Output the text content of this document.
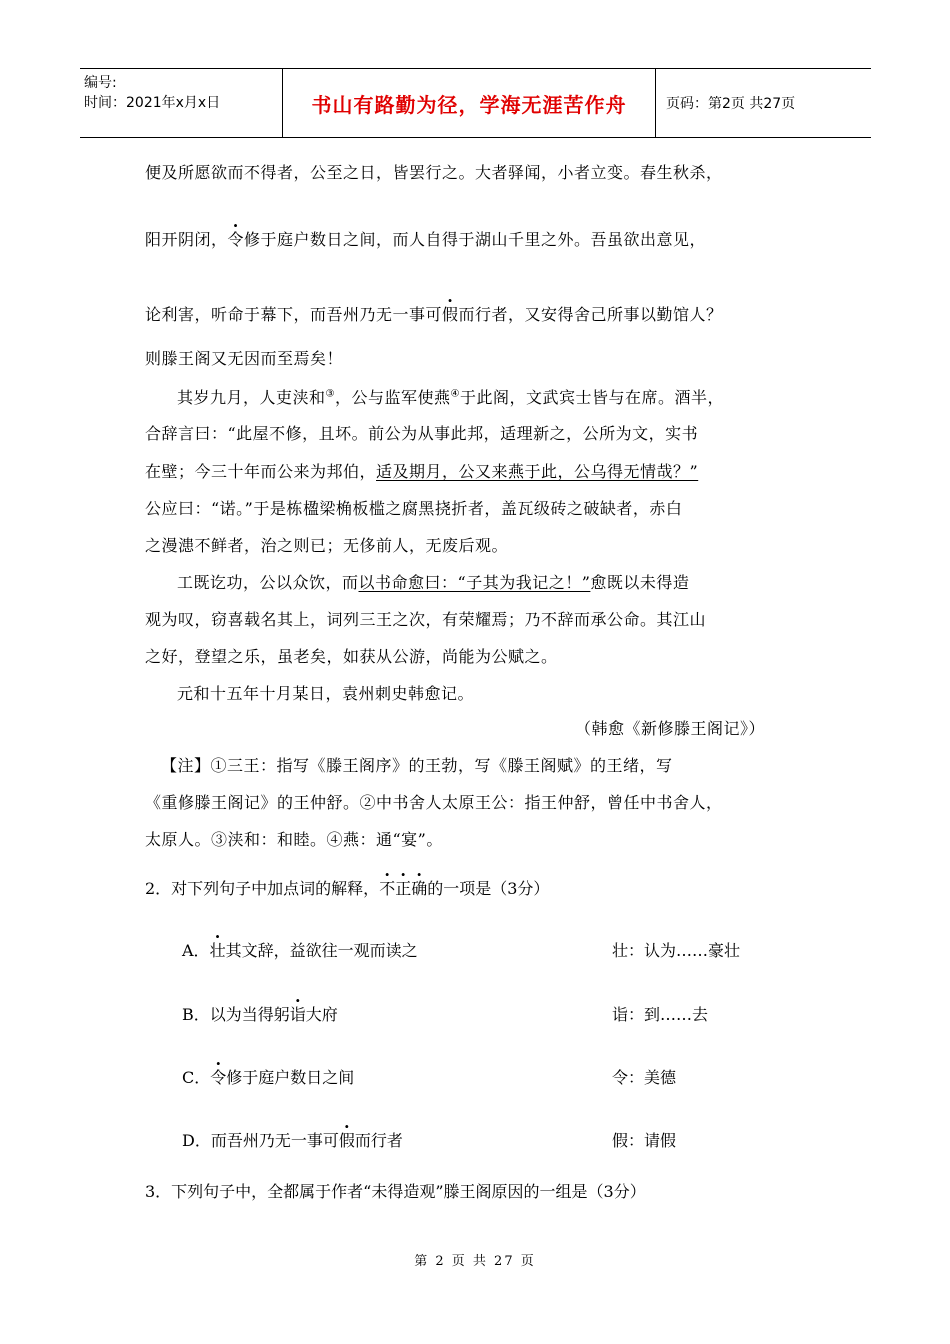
编号:
时间：2021年x月x日	书山有路勤为径，学海无涯苦作舟	页码：第2页 共27页
便及所愿欲而不得者，公至之日，皆罢行之。大者驿闻，小者立变。春生秋杀，
阳开阴闭，令修于庭户数日之间，而人自得于湖山千里之外。吾虽欲出意见，
论利害，听命于幕下，而吾州乃无一事可假而行者，又安得舍己所事以勤馆人？
则滕王阁又无因而至焉矣！
其岁九月，人吏浃和③，公与监军使燕④于此阁，文武宾士皆与在席。酒半，
合辞言曰：“此屋不修，且坏。前公为从事此邦，适理新之，公所为文，实书
在壁；今三十年而公来为邦伯，适及期月，公又来燕于此，公乌得无情哉？”
公应曰：“诺。”于是栋楹梁桷板槛之腐黑挠折者，盖瓦级砖之破缺者，赤白
之漫漶不鲜者，治之则已；无侈前人，无废后观。
工既讫功，公以众饮，而以书命愈曰：“子其为我记之！”愈既以未得造
观为叹，窃喜载名其上，词列三王之次，有荣耀焉；乃不辞而承公命。其江山
之好，登望之乐，虽老矣，如获从公游，尚能为公赋之。
元和十五年十月某日，袁州刺史韩愈记。
（韩愈《新修滕王阁记》）
【注】①三王：指写《滕王阁序》的王勃，写《滕王阁赋》的王绪，写
《重修滕王阁记》的王仲舒。②中书舍人太原王公：指王仲舒，曾任中书舍人，
太原人。③浃和：和睦。④燕：通“宴”。
2．对下列句子中加点词的解释，不正确的一项是（3分）
A．壮其文辞，益欲往一观而读之	壮：认为……豪壮
B．以为当得躬诣大府	诣：到……去
C．令修于庭户数日之间	令：美德
D．而吾州乃无一事可假而行者	假：请假
3．下列句子中，全都属于作者“未得造观”滕王阁原因的一组是（3分）
第 2 页 共 27 页
